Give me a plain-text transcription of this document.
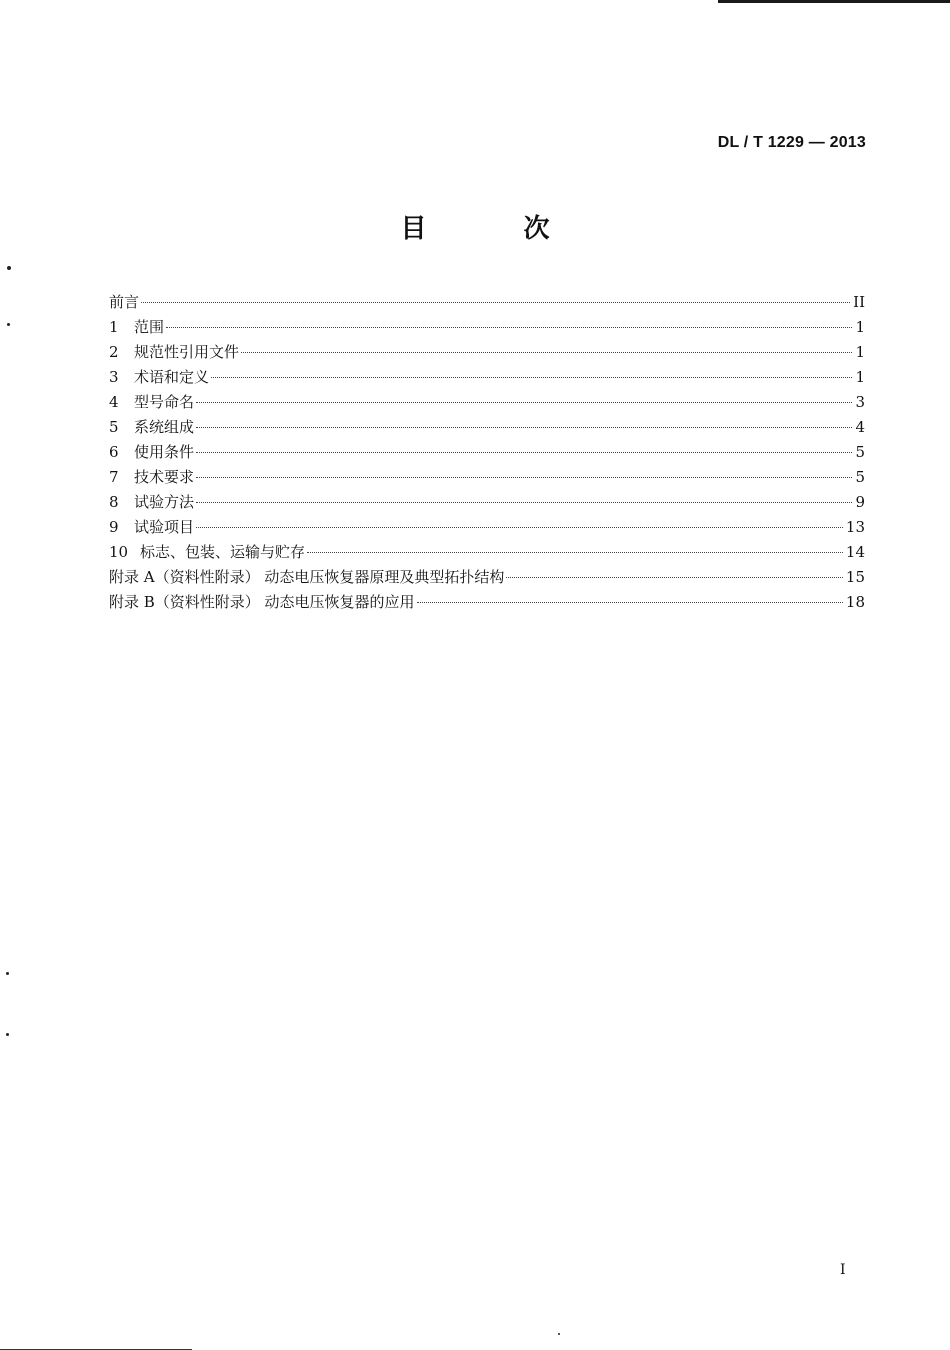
DL / T 1229 — 2013
目 次
前言	II
1	范围	1
2	规范性引用文件	1
3	术语和定义	1
4	型号命名	3
5	系统组成	4
6	使用条件	5
7	技术要求	5
8	试验方法	9
9	试验项目	13
10 标志、包装、运输与贮存	14
附录 A（资料性附录） 动态电压恢复器原理及典型拓扑结构	15
附录 B（资料性附录） 动态电压恢复器的应用	18
I
